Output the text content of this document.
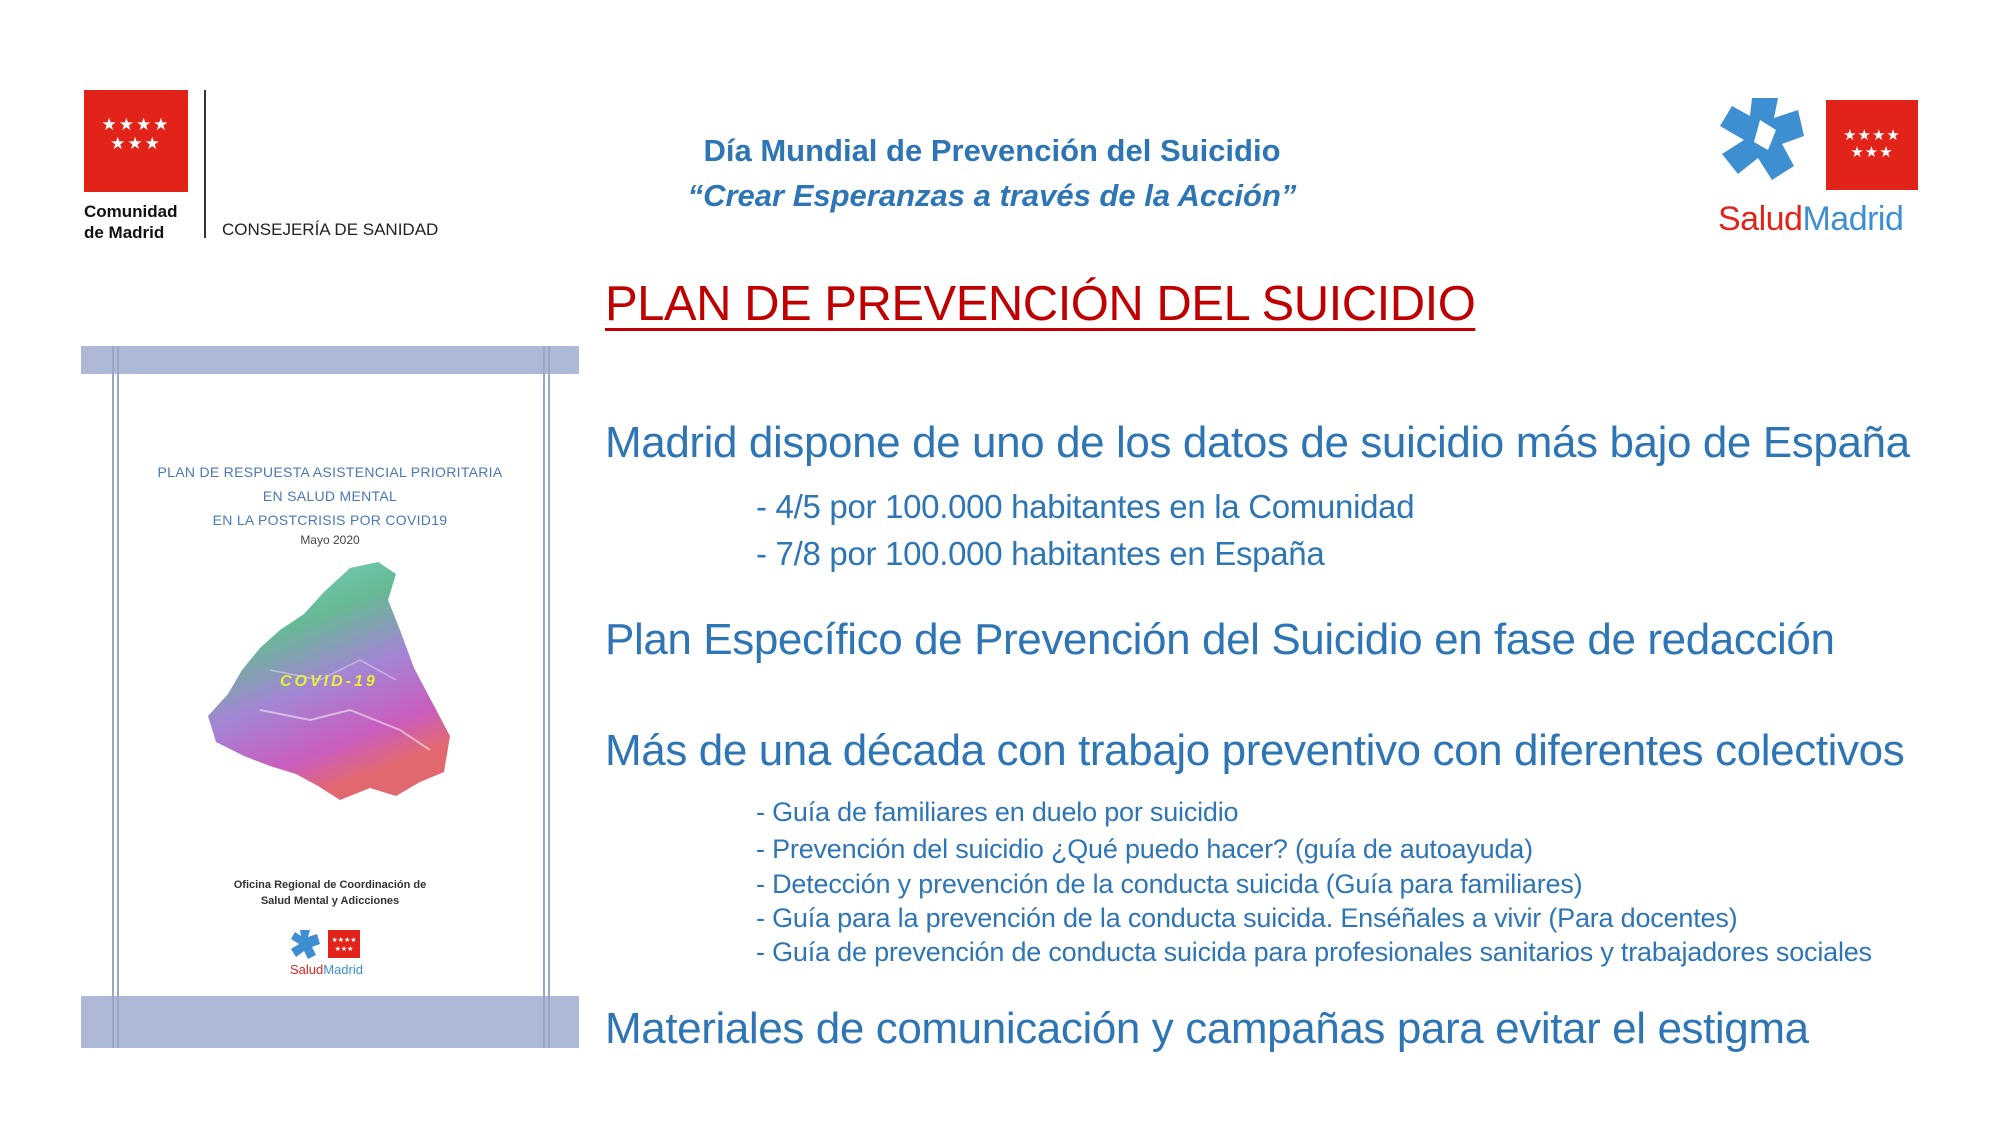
★★★★
★★★
Comunidad
de Madrid	CONSEJERÍA DE SANIDAD
★★★★
★★★
SaludMadrid
Día Mundial de Prevención del Suicidio
“Crear Esperanzas a través de la Acción”
PLAN DE PREVENCIÓN DEL SUICIDIO
PLAN DE RESPUESTA ASISTENCIAL PRIORITARIA
EN SALUD MENTAL
EN LA POSTCRISIS POR COVID19
Mayo 2020
COVID-19
Oficina Regional de Coordinación de
Salud Mental y Adicciones
★★★★
★★★
SaludMadrid
Madrid dispone de uno de los datos de suicidio más bajo de España
- 4/5 por 100.000 habitantes en la Comunidad
- 7/8 por 100.000 habitantes en España
Plan Específico de Prevención del Suicidio en fase de redacción
Más de una década con trabajo preventivo con diferentes colectivos
- Guía de familiares en duelo por suicidio
- Prevención del suicidio ¿Qué puedo hacer? (guía de autoayuda)
- Detección y prevención de la conducta suicida (Guía para familiares)
- Guía para la prevención de la conducta suicida. Enséñales a vivir (Para docentes)
- Guía de prevención de conducta suicida para profesionales sanitarios y trabajadores sociales
Materiales de comunicación y campañas para evitar el estigma
